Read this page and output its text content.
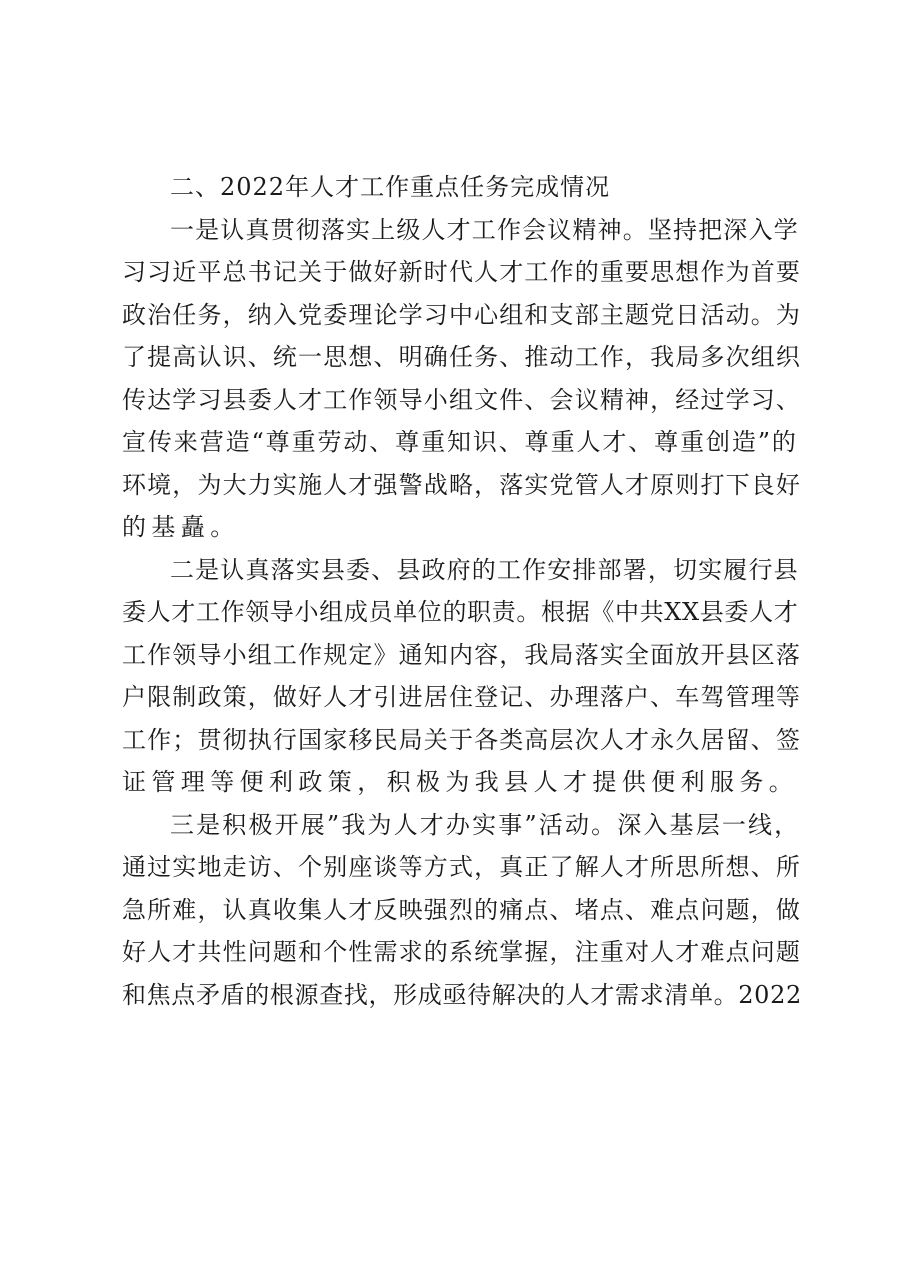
二、2022年人才工作重点任务完成情况
一是认真贯彻落实上级人才工作会议精神。坚持把深入学
习习近平总书记关于做好新时代人才工作的重要思想作为首要
政治任务，纳入党委理论学习中心组和支部主题党日活动。为
了提高认识、统一思想、明确任务、推动工作，我局多次组织
传达学习县委人才工作领导小组文件、会议精神，经过学习、
宣传来营造“尊重劳动、尊重知识、尊重人才、尊重创造”的
环境，为大力实施人才强警战略，落实党管人才原则打下良好
的基矗。
二是认真落实县委、县政府的工作安排部署，切实履行县
委人才工作领导小组成员单位的职责。根据《中共XX县委人才
工作领导小组工作规定》通知内容，我局落实全面放开县区落
户限制政策，做好人才引进居住登记、办理落户、车驾管理等
工作；贯彻执行国家移民局关于各类高层次人才永久居留、签
证管理等便利政策，积极为我县人才提供便利服务。
三是积极开展”我为人才办实事”活动。深入基层一线，
通过实地走访、个别座谈等方式，真正了解人才所思所想、所
急所难，认真收集人才反映强烈的痛点、堵点、难点问题，做
好人才共性问题和个性需求的系统掌握，注重对人才难点问题
和焦点矛盾的根源查找，形成亟待解决的人才需求清单。2022
